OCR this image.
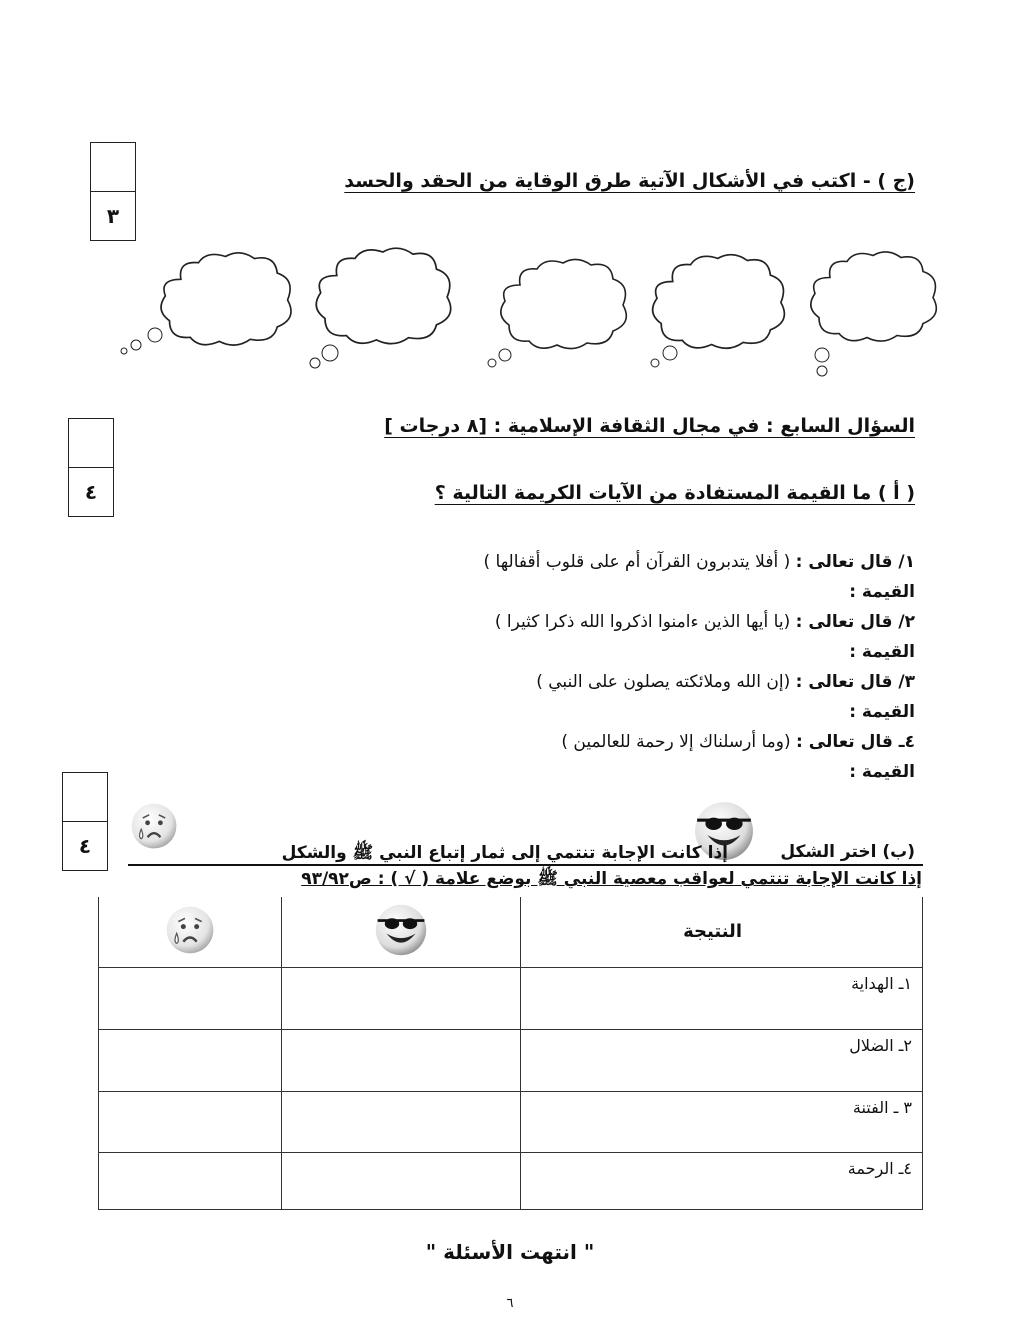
٣
(ج ) - اكتب في الأشكال الآتية طرق الوقاية من الحقد والحسد
٤
السؤال السابع : في مجال الثقافة الإسلامية : [٨ درجات ]
( أ ) ما القيمة المستفادة من الآيات الكريمة التالية ؟
١/ قال تعالى : ( أفلا يتدبرون القرآن أم على قلوب أقفالها )
القيمة :
٢/ قال تعالى : (يا أيها الذين ءامنوا اذكروا الله ذكرا كثيرا )
القيمة :
٣/ قال تعالى : (إن الله وملائكته يصلون على النبي )
القيمة :
٤ـ قال تعالى : (وما أرسلناك إلا رحمة للعالمين )
القيمة :
٤	(ب) اختر الشكل
إذا كانت الإجابة تنتمي إلى ثمار إتباع النبي ﷺ والشكل
إذا كانت الإجابة تنتمي لعواقب معصية النبي ﷺ بوضع علامة ( √ ) : ص٩٣/٩٢
		النتيجة
		١ـ الهداية
		٢ـ الضلال
		٣ ـ الفتنة
		٤ـ الرحمة
" انتهت الأسئلة "
٦
